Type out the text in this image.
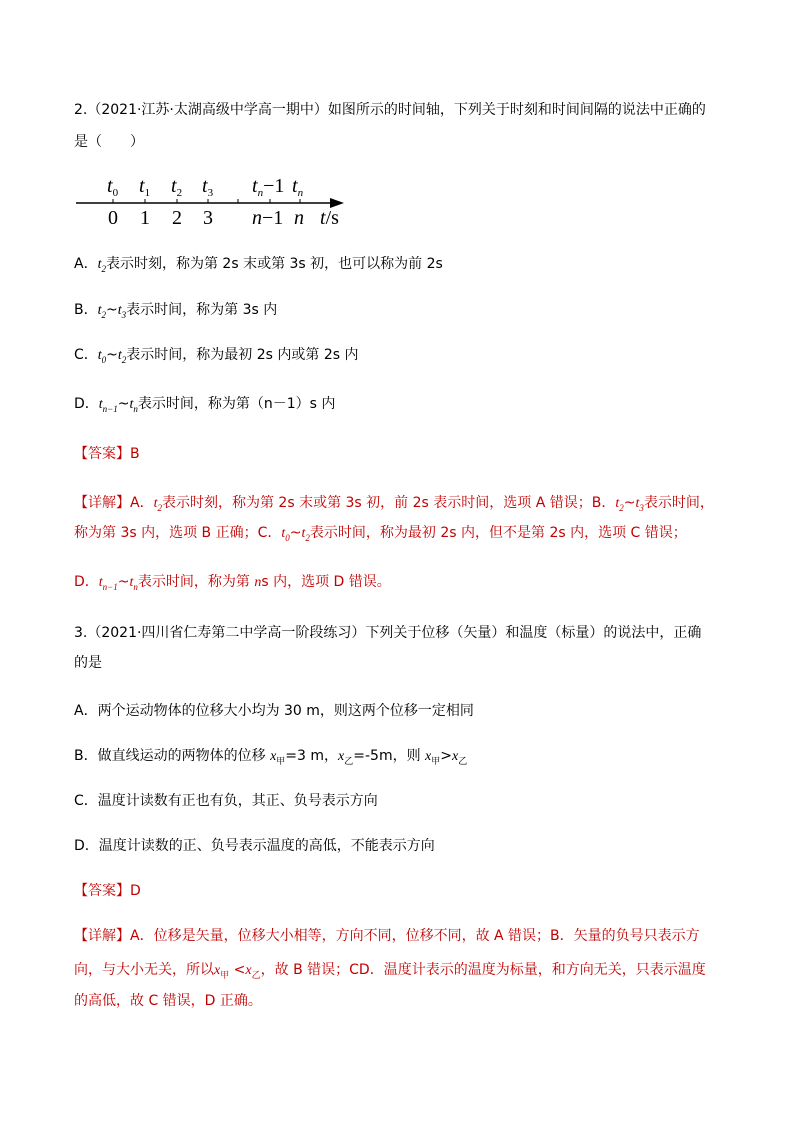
2.（2021·江苏·太湖高级中学高一期中）如图所示的时间轴，下列关于时刻和时间间隔的说法中正确的

是（　　）

$t_0$ $t_1$ $t_2$ $t_3$ $t_n-1$ $t_n$
0 1 2 3 n−1 n t/s

A．$t_2$表示时刻，称为第 2s 末或第 3s 初，也可以称为前 2s

B．$t_2\sim t_3$表示时间，称为第 3s 内

C．$t_0\sim t_2$表示时间，称为最初 2s 内或第 2s 内

D．$t_{n-1}\sim t_n$表示时间，称为第（n－1）s 内

【答案】B

【详解】A．$t_2$表示时刻，称为第 2s 末或第 3s 初，前 2s 表示时间，选项 A 错误；B．$t_2\sim t_3$表示时间，

称为第 3s 内，选项 B 正确；C．$t_0\sim t_2$表示时间，称为最初 2s 内，但不是第 2s 内，选项 C 错误；

D．$t_{n-1}\sim t_n$表示时间，称为第 ns 内，选项 D 错误。

3.（2021·四川省仁寿第二中学高一阶段练习）下列关于位移（矢量）和温度（标量）的说法中，正确

的是

A．两个运动物体的位移大小均为 30 m，则这两个位移一定相同

B．做直线运动的两物体的位移 $x_甲=3$ m，$x_乙=-5m$，则 $x_甲>x_乙$

C．温度计读数有正也有负，其正、负号表示方向

D．温度计读数的正、负号表示温度的高低，不能表示方向

【答案】D

【详解】A．位移是矢量，位移大小相等，方向不同，位移不同，故 A 错误；B．矢量的负号只表示方

向，与大小无关，所以$x_甲 <x_乙$，故 B 错误；CD．温度计表示的温度为标量，和方向无关，只表示温度

的高低，故 C 错误，D 正确。
